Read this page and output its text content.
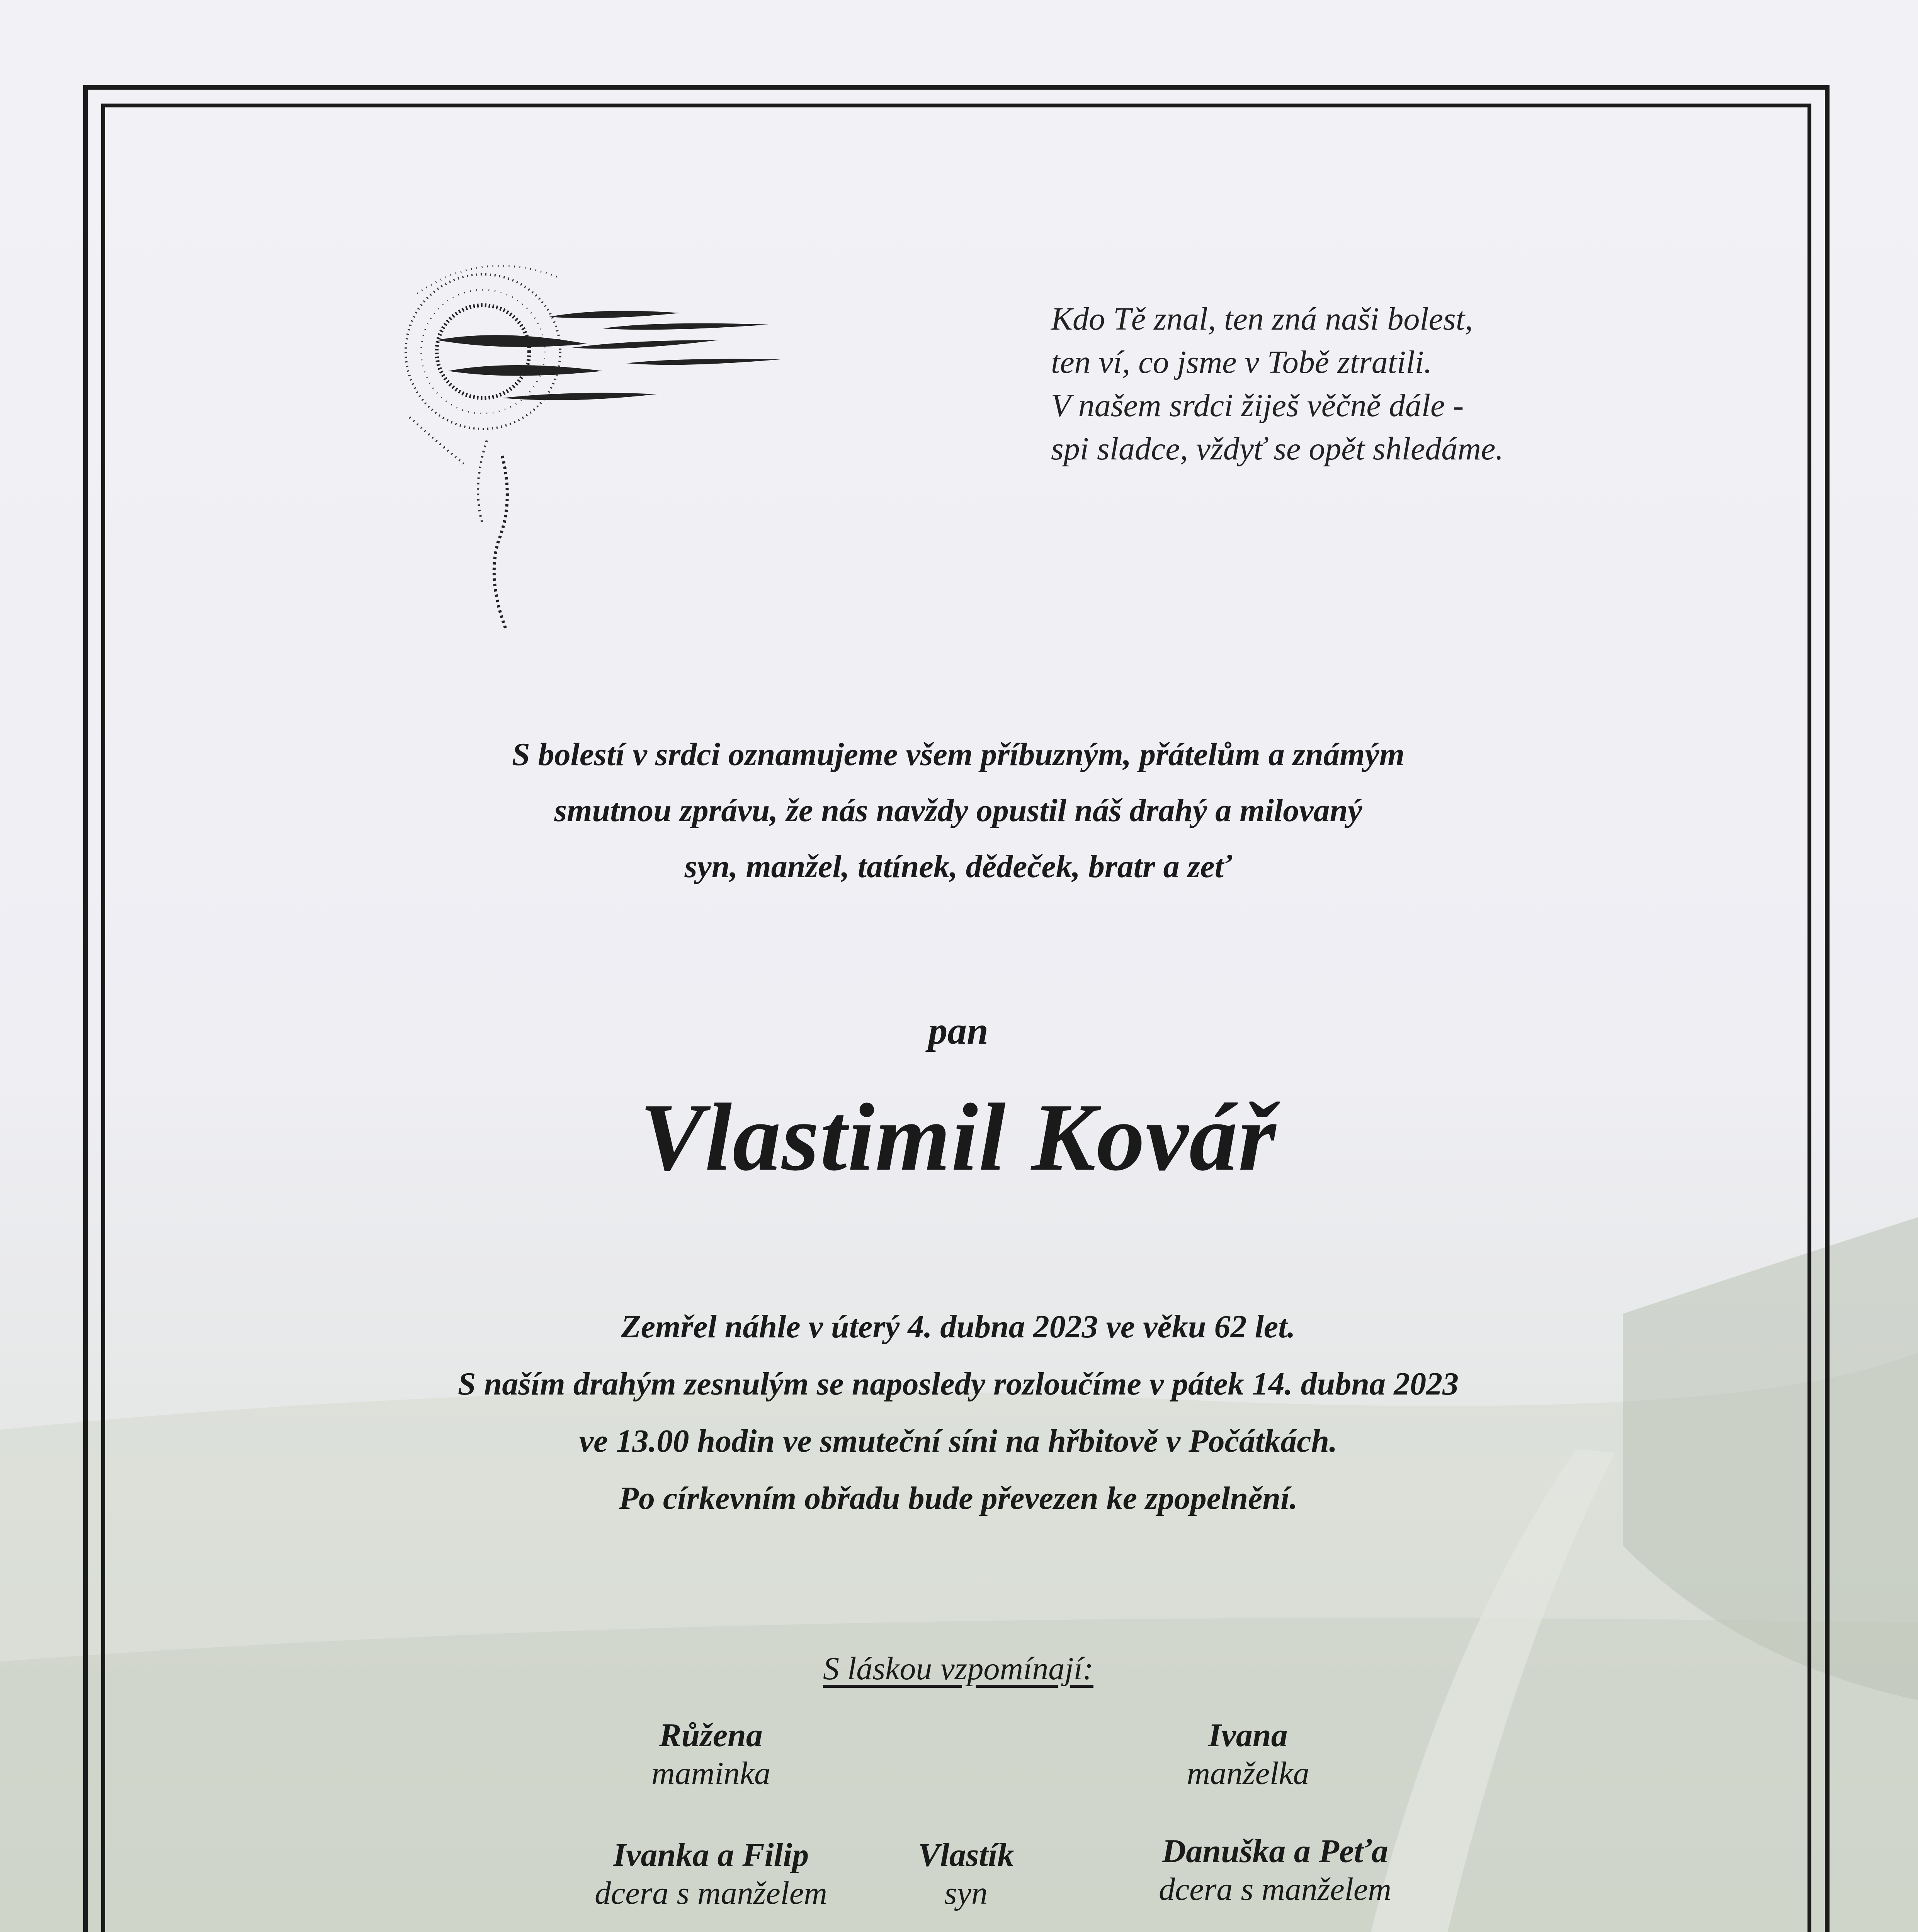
Kdo Tě znal, ten zná naši bolest,
ten ví, co jsme v Tobě ztratili.
V našem srdci žiješ věčně dále -
spi sladce, vždyť se opět shledáme.
S bolestí v srdci oznamujeme všem příbuzným, přátelům a známým
smutnou zprávu, že nás navždy opustil náš drahý a milovaný
syn, manžel, tatínek, dědeček, bratr a zeť
pan
Vlastimil Kovář
Zemřel náhle v úterý 4. dubna 2023 ve věku 62 let.
S naším drahým zesnulým se naposledy rozloučíme v pátek 14. dubna 2023
ve 13.00 hodin ve smuteční síni na hřbitově v Počátkách.
Po církevním obřadu bude převezen ke zpopelnění.
S láskou vzpomínají:
Růžena
maminka
Ivana
manželka
Ivanka a Filip
dcera s manželem
Vlastík
syn
Danuška a Peťa
dcera s manželem
